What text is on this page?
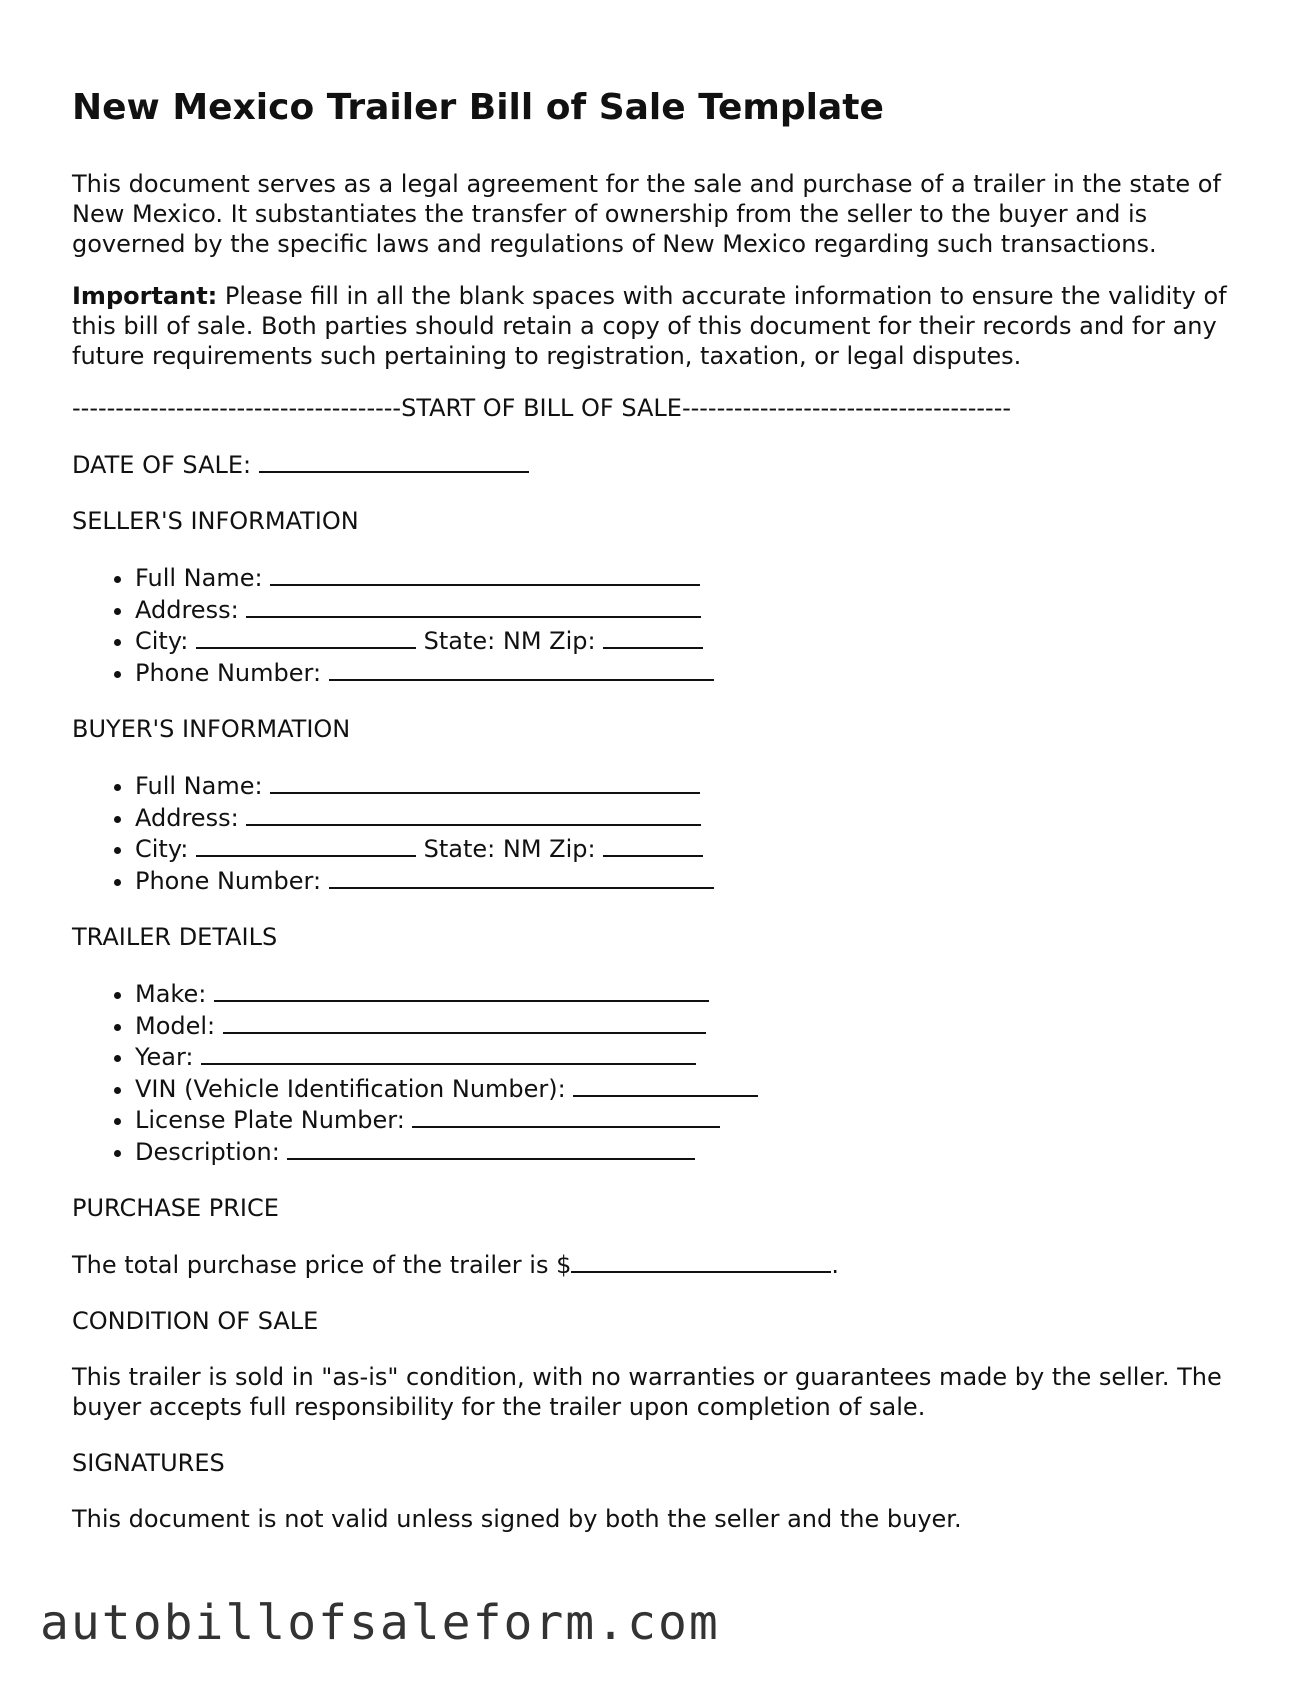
New Mexico Trailer Bill of Sale Template

This document serves as a legal agreement for the sale and purchase of a trailer in the state of New Mexico. It substantiates the transfer of ownership from the seller to the buyer and is governed by the specific laws and regulations of New Mexico regarding such transactions.

Important: Please fill in all the blank spaces with accurate information to ensure the validity of this bill of sale. Both parties should retain a copy of this document for their records and for any future requirements such pertaining to registration, taxation, or legal disputes.

--------------------------------------START OF BILL OF SALE--------------------------------------
DATE OF SALE:
SELLER'S INFORMATION
• Full Name:
• Address:
• City:	State: NM Zip:
• Phone Number:
BUYER'S INFORMATION
• Full Name:
• Address:
• City:	State: NM Zip:
• Phone Number:
TRAILER DETAILS
• Make:
• Model:
• Year:
• VIN (Vehicle Identification Number):
• License Plate Number:
• Description:
PURCHASE PRICE
The total purchase price of the trailer is $	.
CONDITION OF SALE

This trailer is sold in "as-is" condition, with no warranties or guarantees made by the seller. The buyer accepts full responsibility for the trailer upon completion of sale.

SIGNATURES

This document is not valid unless signed by both the seller and the buyer.

autobillofsaleform.com
